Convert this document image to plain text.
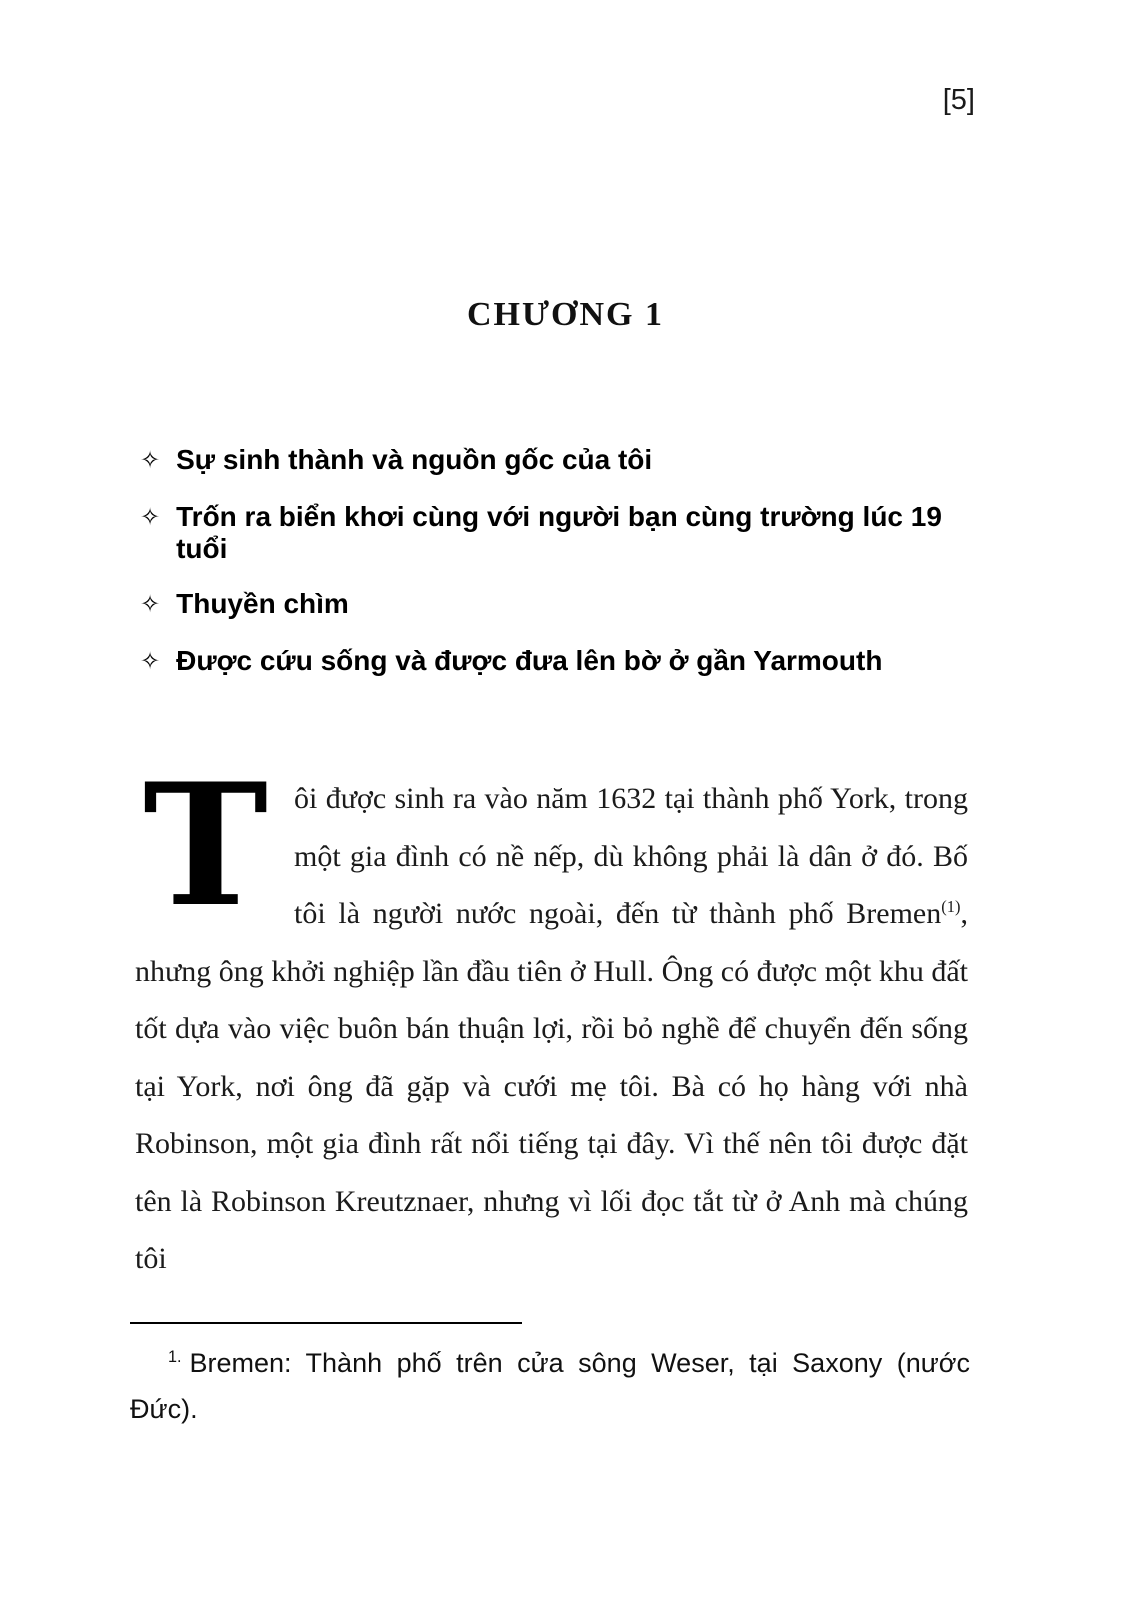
[5]
CHƯƠNG 1
✧ Sự sinh thành và nguồn gốc của tôi
✧ Trốn ra biển khơi cùng với người bạn cùng trường lúc 19 tuổi
✧ Thuyền chìm
✧ Được cứu sống và được đưa lên bờ ở gần Yarmouth

Tôi được sinh ra vào năm 1632 tại thành phố York, trong một gia đình có nề nếp, dù không phải là dân ở đó. Bố tôi là người nước ngoài, đến từ thành phố Bremen$^{(1)}$, nhưng ông khởi nghiệp lần đầu tiên ở Hull. Ông có được một khu đất tốt dựa vào việc buôn bán thuận lợi, rồi bỏ nghề để chuyển đến sống tại York, nơi ông đã gặp và cưới mẹ tôi. Bà có họ hàng với nhà Robinson, một gia đình rất nổi tiếng tại đây. Vì thế nên tôi được đặt tên là Robinson Kreutznaer, nhưng vì lối đọc tắt từ ở Anh mà chúng tôi

$^{1.}$ Bremen: Thành phố trên cửa sông Weser, tại Saxony (nước Đức).
